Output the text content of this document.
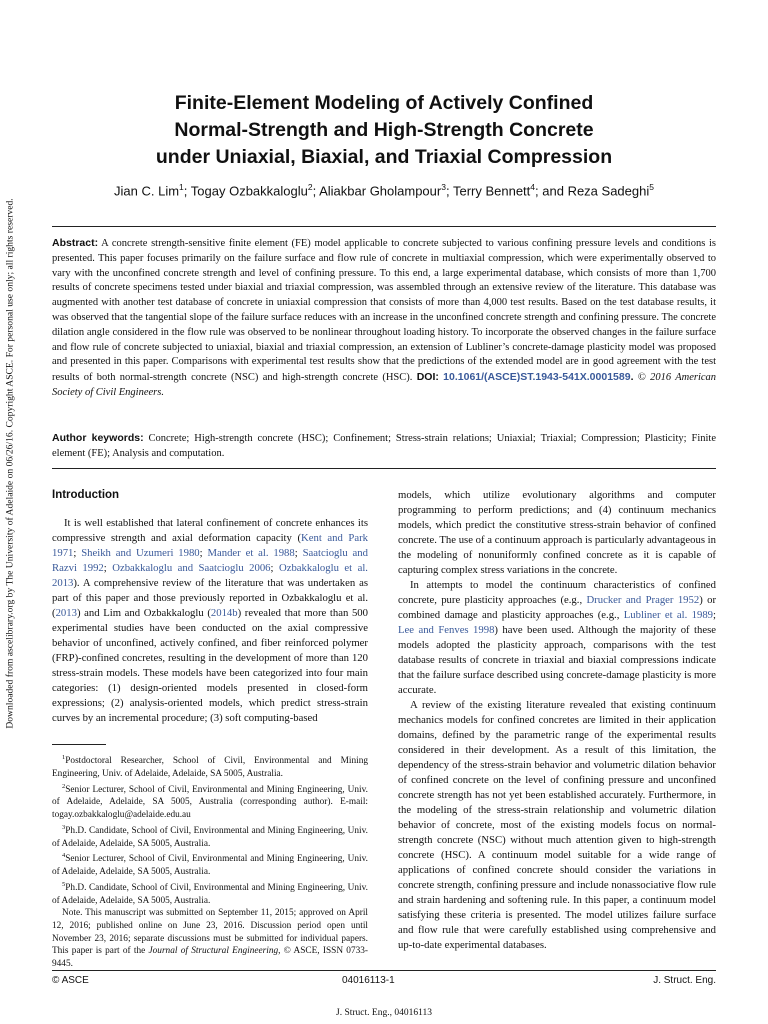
Downloaded from ascelibrary.org by The University of Adelaide on 06/26/16. Copyright ASCE. For personal use only; all rights reserved.
Finite-Element Modeling of Actively Confined
Normal-Strength and High-Strength Concrete
under Uniaxial, Biaxial, and Triaxial Compression
Jian C. Lim$^1$; Togay Ozbakkaloglu$^2$; Aliakbar Gholampour$^3$; Terry Bennett$^4$; and Reza Sadeghi$^5$
Abstract: A concrete strength-sensitive finite element (FE) model applicable to concrete subjected to various confining pressure levels and conditions is presented. This paper focuses primarily on the failure surface and flow rule of concrete in multiaxial compression, which were experimentally observed to vary with the unconfined concrete strength and level of confining pressure. To this end, a large experimental database, which consists of more than 1,700 results of concrete specimens tested under biaxial and triaxial compression, was assembled through an extensive review of the literature. This database was augmented with another test database of concrete in uniaxial compression that consists of more than 4,000 test results. Based on the test database results, it was observed that the tangential slope of the failure surface reduces with an increase in the unconfined concrete strength and confining pressure. The concrete dilation angle considered in the flow rule was observed to be nonlinear throughout loading history. To incorporate the observed changes in the failure surface and flow rule of concrete subjected to uniaxial, biaxial and triaxial compression, an extension of Lubliner’s concrete-damage plasticity model was proposed and presented in this paper. Comparisons with experimental test results show that the predictions of the extended model are in good agreement with the test results of both normal-strength concrete (NSC) and high-strength concrete (HSC). DOI: 10.1061/(ASCE)ST.1943-541X.0001589. © 2016 American Society of Civil Engineers.
Author keywords: Concrete; High-strength concrete (HSC); Confinement; Stress-strain relations; Uniaxial; Triaxial; Compression; Plasticity; Finite element (FE); Analysis and computation.
Introduction

It is well established that lateral confinement of concrete enhances its compressive strength and axial deformation capacity (Kent and Park 1971; Sheikh and Uzumeri 1980; Mander et al. 1988; Saatcioglu and Razvi 1992; Ozbakkaloglu and Saatcioglu 2006; Ozbakkaloglu et al. 2013). A comprehensive review of the literature that was undertaken as part of this paper and those previously reported in Ozbakkaloglu et al. (2013) and Lim and Ozbakkaloglu (2014b) revealed that more than 500 experimental studies have been conducted on the axial compressive behavior of unconfined, actively confined, and fiber reinforced polymer (FRP)-confined concretes, resulting in the development of more than 120 stress-strain models. These models have been categorized into four main categories: (1) design-oriented models presented in closed-form expressions; (2) analysis-oriented models, which predict stress-strain curves by an incremental procedure; (3) soft computing-based

$^1$Postdoctoral Researcher, School of Civil, Environmental and Mining Engineering, Univ. of Adelaide, Adelaide, SA 5005, Australia.

$^2$Senior Lecturer, School of Civil, Environmental and Mining Engineering, Univ. of Adelaide, Adelaide, SA 5005, Australia (corresponding author). E-mail: togay.ozbakkaloglu@adelaide.edu.au

$^3$Ph.D. Candidate, School of Civil, Environmental and Mining Engineering, Univ. of Adelaide, Adelaide, SA 5005, Australia.

$^4$Senior Lecturer, School of Civil, Environmental and Mining Engineering, Univ. of Adelaide, Adelaide, SA 5005, Australia.

$^5$Ph.D. Candidate, School of Civil, Environmental and Mining Engineering, Univ. of Adelaide, Adelaide, SA 5005, Australia.

Note. This manuscript was submitted on September 11, 2015; approved on April 12, 2016; published online on June 23, 2016. Discussion period open until November 23, 2016; separate discussions must be submitted for individual papers. This paper is part of the Journal of Structural Engineering, © ASCE, ISSN 0733-9445.

models, which utilize evolutionary algorithms and computer programming to perform predictions; and (4) continuum mechanics models, which predict the constitutive stress-strain behavior of confined concrete. The use of a continuum approach is particularly advantageous in the modeling of nonuniformly confined concrete as it is capable of capturing complex stress variations in the concrete.

In attempts to model the continuum characteristics of confined concrete, pure plasticity approaches (e.g., Drucker and Prager 1952) or combined damage and plasticity approaches (e.g., Lubliner et al. 1989; Lee and Fenves 1998) have been used. Although the majority of these models adopted the plasticity approach, comparisons with the test database results of concrete in triaxial and biaxial compressions indicate that the failure surface described using concrete-damage plasticity is more accurate.

A review of the existing literature revealed that existing continuum mechanics models for confined concretes are limited in their application domains, defined by the parametric range of the experimental results considered in their development. As a result of this limitation, the dependency of the stress-strain behavior and volumetric dilation behavior of confined concrete on the level of confining pressure and unconfined concrete strength has not yet been established accurately. Furthermore, in the modeling of the stress-strain relationship and volumetric dilation behavior of concrete, most of the existing models focus on normal-strength concrete (NSC) without much attention given to high-strength concrete (HSC). A continuum model suitable for a wide range of applications of confined concrete should consider the variations in concrete strength, confining pressure and include nonassociative flow rule and strain hardening and softening rule. In this paper, a continuum model satisfying these criteria is presented. The model utilizes failure surface and flow rule that were carefully established using comprehensive and up-to-date experimental databases.

© ASCE	04016113-1	J. Struct. Eng.
J. Struct. Eng., 04016113
